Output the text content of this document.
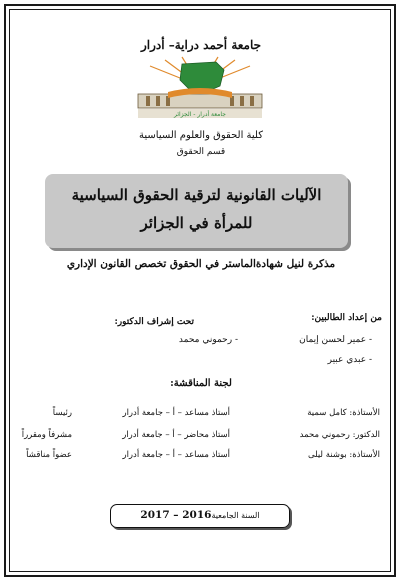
جامعة أحمد دراية– أدرار
جامعة أدرار - الجزائر
كلية الحقوق والعلوم السياسية
قسم الحقوق
الآليات القانونية لترقية الحقوق السياسية
للمرأة في الجزائر
مذكرة لنيل شهادةالماستر في الحقوق تخصص القانون الإداري
من إعداد الطالبين:
تحت إشراف الدكتور:
- عمير لحسن إيمان
- رحموني محمد
- عبدي عبير
لجنة المناقشة:
الأستاذة: كامل سمية
أستاذ مساعد – أ – جامعة أدرار
رئيساً
الدكتور: رحموني محمد
أستاذ محاضر – أ – جامعة أدرار
مشرفاً ومقرراً
الأستاذة: بوشنة ليلى
أستاذ مساعد – أ – جامعة أدرار
عضواً مناقشاً
السنة الجامعية2016 – 2017
